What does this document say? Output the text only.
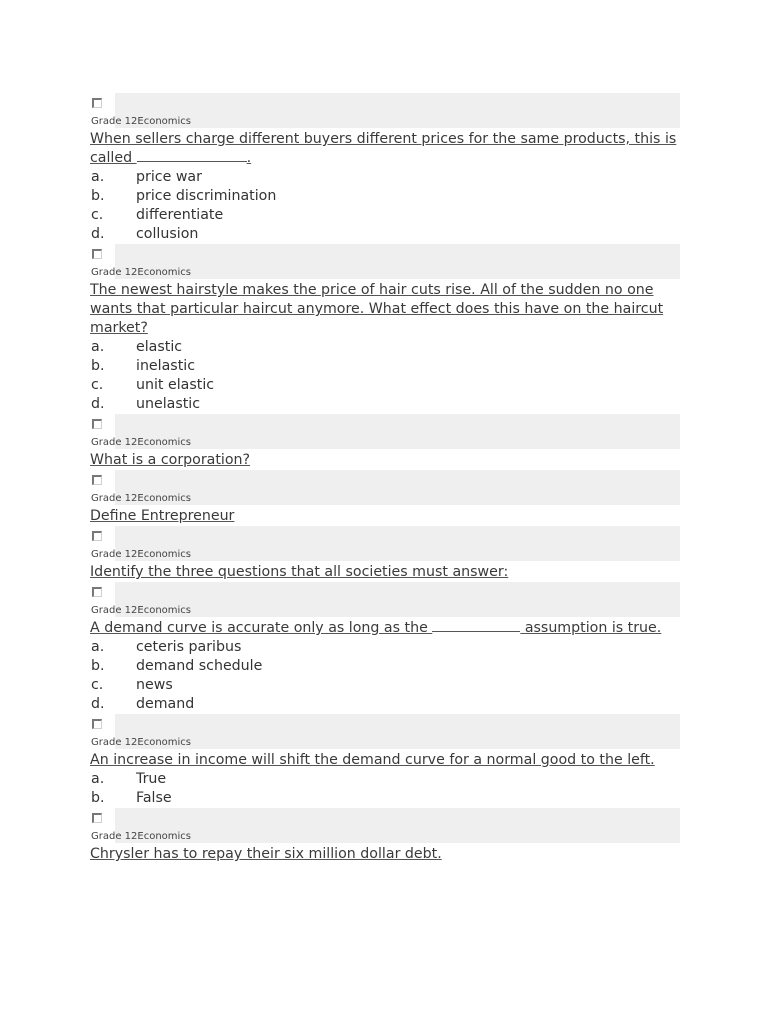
Grade 12Economics
When sellers charge different buyers different prices for the same products, this is called	.
a. price war
b. price discrimination
c. differentiate
d. collusion
Grade 12Economics
The newest hairstyle makes the price of hair cuts rise. All of the sudden no one wants that particular haircut anymore. What effect does this have on the haircut market?
a. elastic
b. inelastic
c. unit elastic
d. unelastic
Grade 12Economics
What is a corporation?
Grade 12Economics
Define Entrepreneur
Grade 12Economics
Identify the three questions that all societies must answer:
Grade 12Economics
A demand curve is accurate only as long as the	assumption is true.
a. ceteris paribus
b. demand schedule
c. news
d. demand
Grade 12Economics
An increase in income will shift the demand curve for a normal good to the left.
a. True
b. False
Grade 12Economics
Chrysler has to repay their six million dollar debt.
